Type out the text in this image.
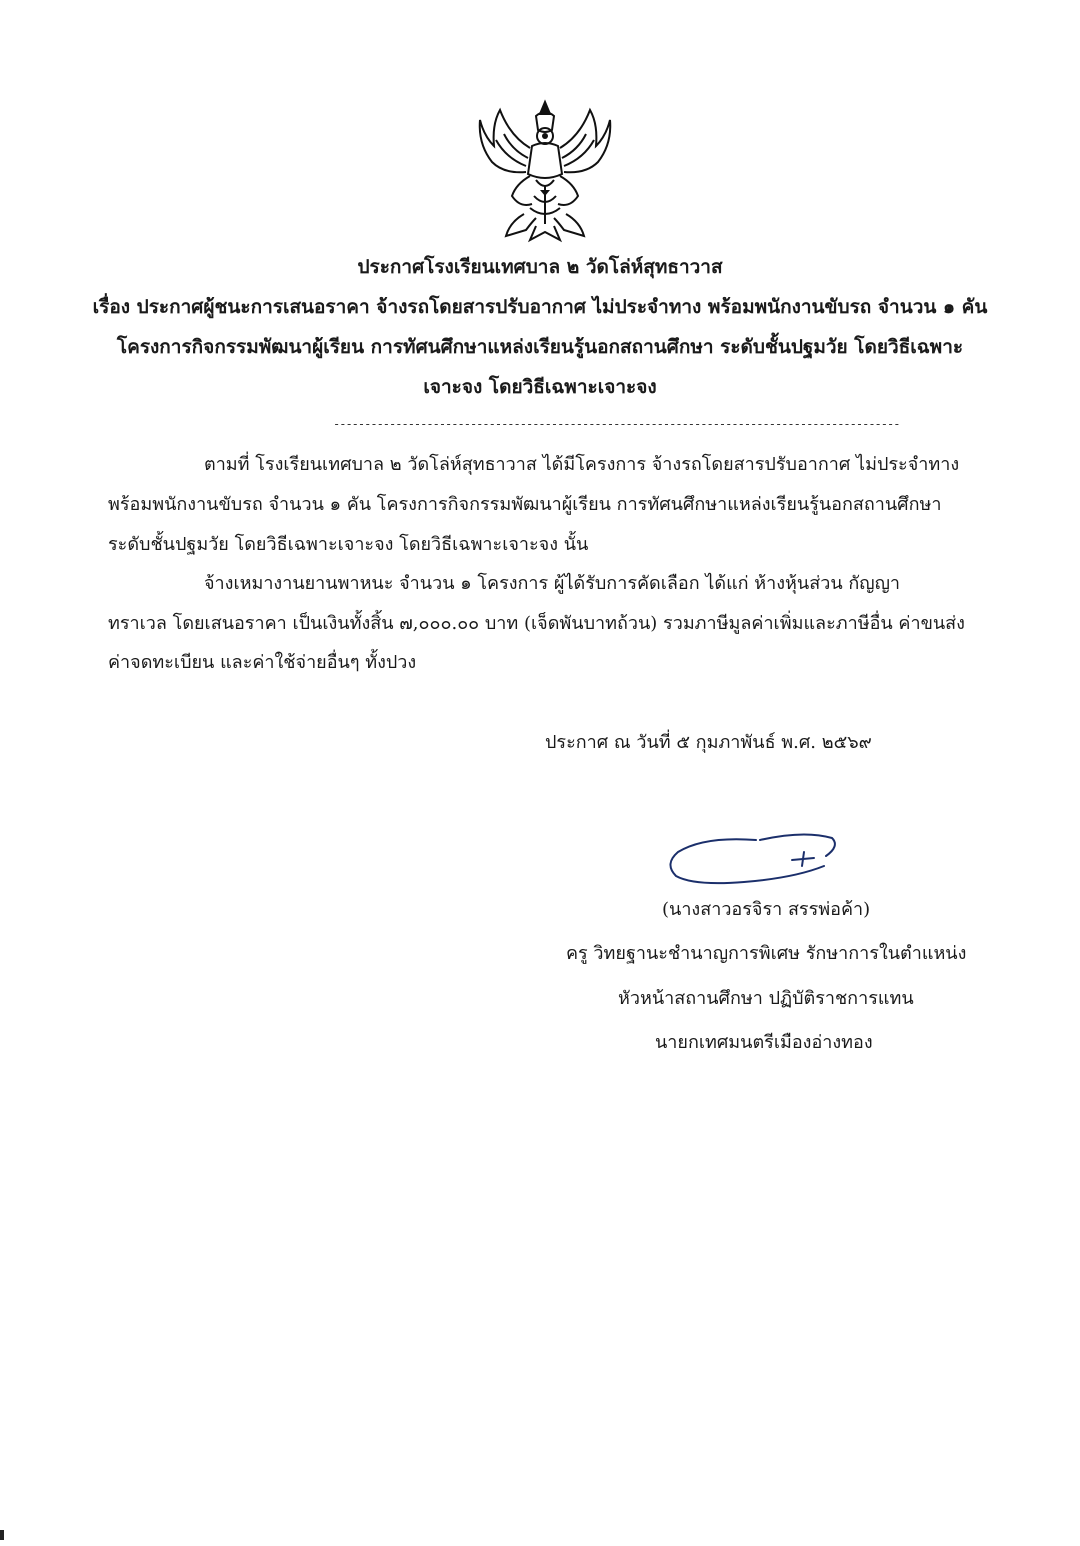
ประกาศโรงเรียนเทศบาล ๒ วัดโล่ห์สุทธาวาส
เรื่อง ประกาศผู้ชนะการเสนอราคา จ้างรถโดยสารปรับอากาศ ไม่ประจำทาง พร้อมพนักงานขับรถ จำนวน ๑ คัน
โครงการกิจกรรมพัฒนาผู้เรียน การทัศนศึกษาแหล่งเรียนรู้นอกสถานศึกษา ระดับชั้นปฐมวัย โดยวิธีเฉพาะ
เจาะจง โดยวิธีเฉพาะเจาะจง
-------------------------------------------------------------------------------------------
ตามที่ โรงเรียนเทศบาล ๒ วัดโล่ห์สุทธาวาส ได้มีโครงการ จ้างรถโดยสารปรับอากาศ ไม่ประจำทาง
พร้อมพนักงานขับรถ จำนวน ๑ คัน โครงการกิจกรรมพัฒนาผู้เรียน การทัศนศึกษาแหล่งเรียนรู้นอกสถานศึกษา
ระดับชั้นปฐมวัย โดยวิธีเฉพาะเจาะจง โดยวิธีเฉพาะเจาะจง นั้น
จ้างเหมางานยานพาหนะ จำนวน ๑ โครงการ ผู้ได้รับการคัดเลือก ได้แก่ ห้างหุ้นส่วน กัญญา
ทราเวล โดยเสนอราคา เป็นเงินทั้งสิ้น ๗,๐๐๐.๐๐ บาท (เจ็ดพันบาทถ้วน) รวมภาษีมูลค่าเพิ่มและภาษีอื่น ค่าขนส่ง
ค่าจดทะเบียน และค่าใช้จ่ายอื่นๆ ทั้งปวง
ประกาศ ณ วันที่ ๕ กุมภาพันธ์ พ.ศ. ๒๕๖๙
(นางสาวอรจิรา สรรพ่อค้า)
ครู วิทยฐานะชำนาญการพิเศษ รักษาการในตำแหน่ง
หัวหน้าสถานศึกษา ปฏิบัติราชการแทน
นายกเทศมนตรีเมืองอ่างทอง
